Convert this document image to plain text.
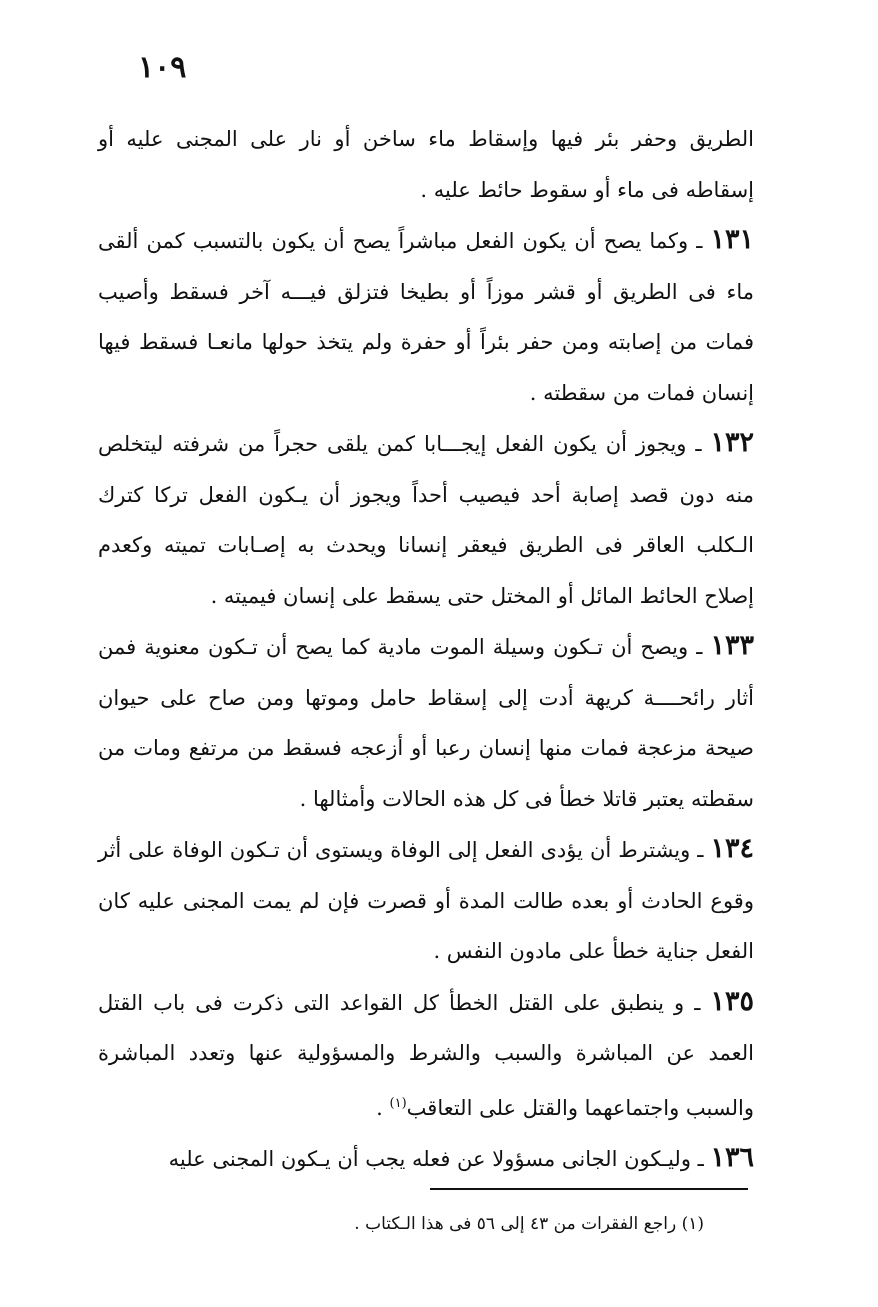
١٠٩

الطريق وحفر بئر فيها وإسقاط ماء ساخن أو نار على المجنى عليه أو إسقاطه فى ماء أو سقوط حائط عليه .

١٣١ ـ وكما يصح أن يكون الفعل مباشراً يصح أن يكون بالتسبب كمن ألقى ماء فى الطريق أو قشر موزاً أو بطيخا فتزلق فيـــه آخر فسقط وأصيب فمات من إصابته ومن حفر بئراً أو حفرة ولم يتخذ حولها مانعـا فسقط فيها إنسان فمات من سقطته .

١٣٢ ـ ويجوز أن يكون الفعل إيجـــابا كمن يلقى حجراً من شرفته ليتخلص منه دون قصد إصابة أحد فيصيب أحداً ويجوز أن يـكون الفعل تركا كترك الـكلب العاقر فى الطريق فيعقر إنسانا ويحدث به إصـابات تميته وكعدم إصلاح الحائط المائل أو المختل حتى يسقط على إنسان فيميته .

١٣٣ ـ ويصح أن تـكون وسيلة الموت مادية كما يصح أن تـكون معنوية فمن أثار رائحــــة كريهة أدت إلى إسقاط حامل وموتها ومن صاح على حيوان صيحة مزعجة فمات منها إنسان رعبا أو أزعجه فسقط من مرتفع ومات من سقطته يعتبر قاتلا خطأ فى كل هذه الحالات وأمثالها .

١٣٤ ـ ويشترط أن يؤدى الفعل إلى الوفاة ويستوى أن تـكون الوفاة على أثر وقوع الحادث أو بعده طالت المدة أو قصرت فإن لم يمت المجنى عليه كان الفعل جناية خطأ على مادون النفس .

١٣٥ ـ و ينطبق على القتل الخطأ كل القواعد التى ذكرت فى باب القتل العمد عن المباشرة والسبب والشرط والمسؤولية عنها وتعدد المباشرة والسبب واجتماعهما والقتل على التعاقب$^{(١)}$ .

١٣٦ ـ وليـكون الجانى مسؤولا عن فعله يجب أن يـكون المجنى عليه

(١) راجع الفقرات من ٤٣ إلى ٥٦ فى هذا الـكتاب .
